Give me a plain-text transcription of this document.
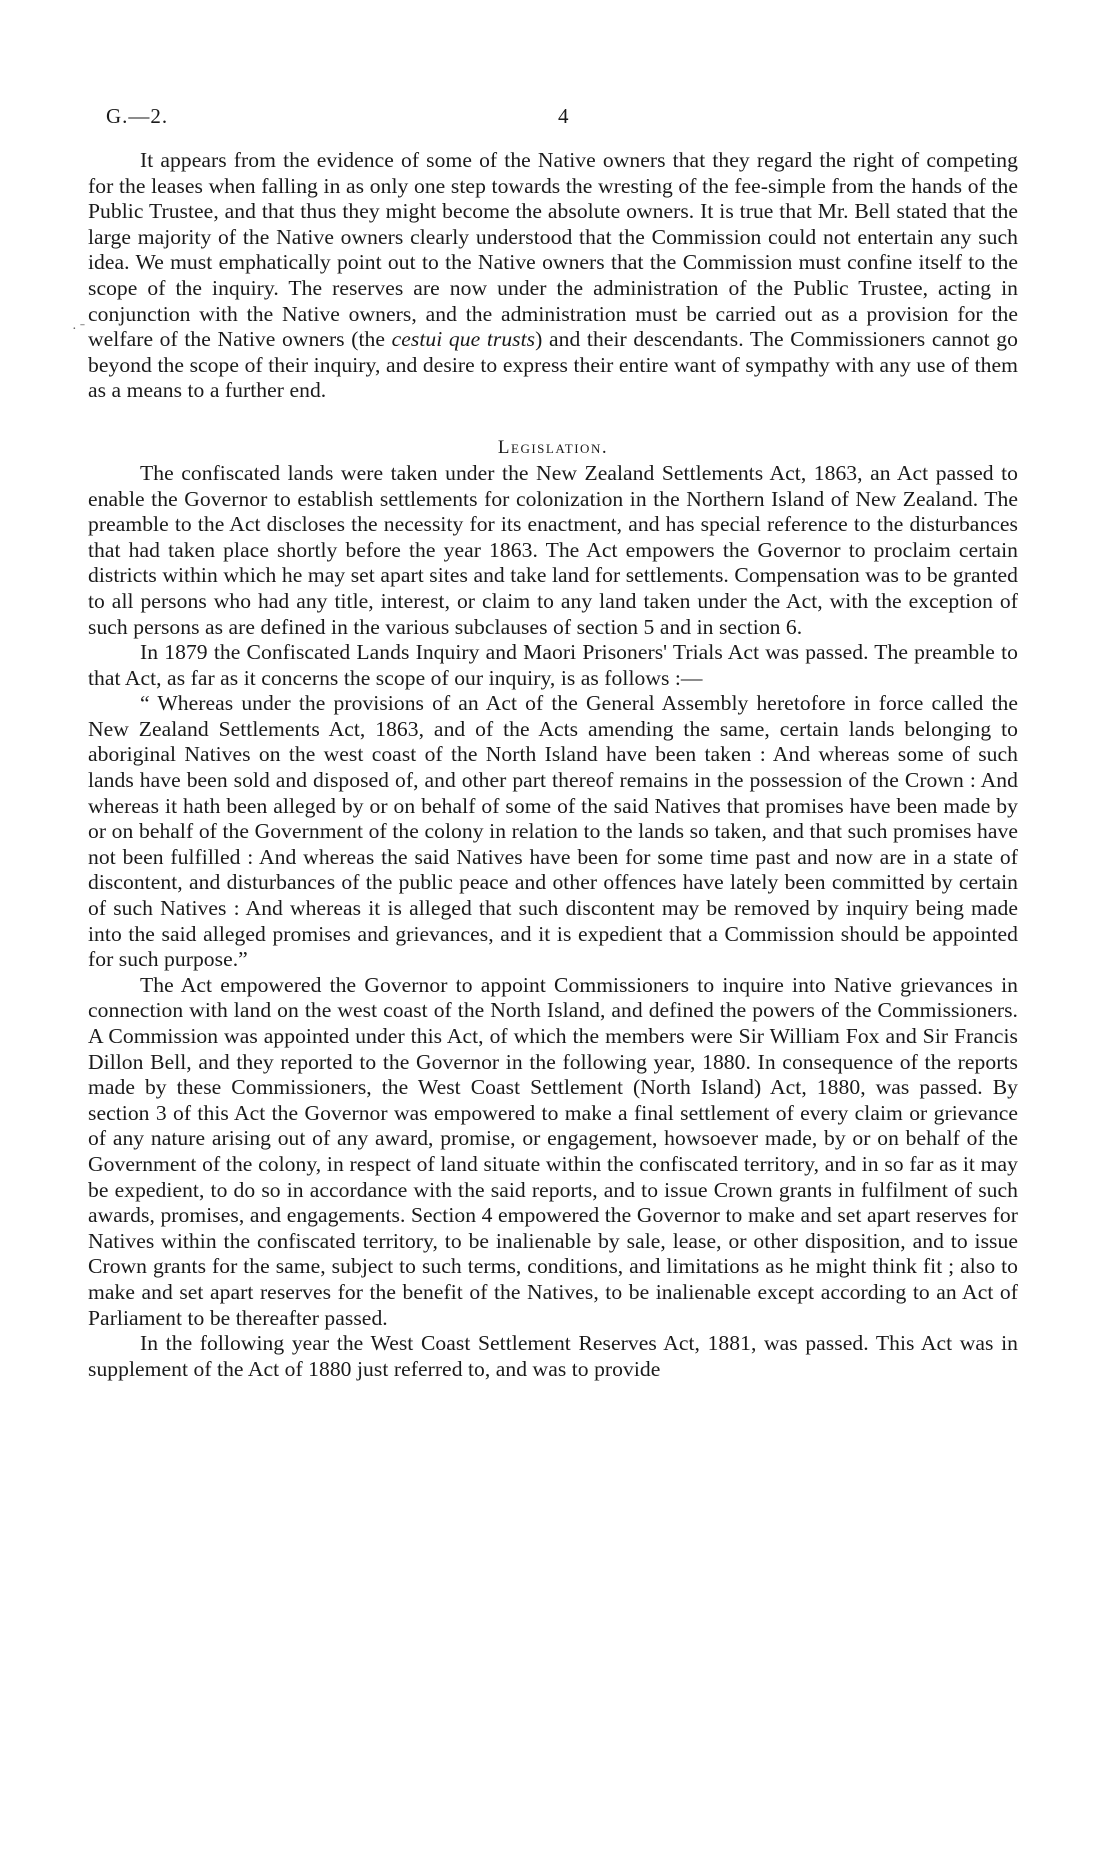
· ˉ
G.—2.	4

It appears from the evidence of some of the Native owners that they regard the right of competing for the leases when falling in as only one step towards the wresting of the fee-simple from the hands of the Public Trustee, and that thus they might become the absolute owners. It is true that Mr. Bell stated that the large majority of the Native owners clearly understood that the Commission could not entertain any such idea. We must emphatically point out to the Native owners that the Commission must confine itself to the scope of the inquiry. The reserves are now under the administration of the Public Trustee, acting in conjunction with the Native owners, and the administration must be carried out as a provision for the welfare of the Native owners (the cestui que trusts) and their descendants. The Commissioners cannot go beyond the scope of their inquiry, and desire to express their entire want of sympathy with any use of them as a means to a further end.

Legislation.

The confiscated lands were taken under the New Zealand Settlements Act, 1863, an Act passed to enable the Governor to establish settlements for colonization in the Northern Island of New Zealand. The preamble to the Act discloses the necessity for its enactment, and has special reference to the disturbances that had taken place shortly before the year 1863. The Act empowers the Governor to proclaim certain districts within which he may set apart sites and take land for settlements. Compensation was to be granted to all persons who had any title, interest, or claim to any land taken under the Act, with the exception of such persons as are defined in the various subclauses of section 5 and in section 6.

In 1879 the Confiscated Lands Inquiry and Maori Prisoners' Trials Act was passed. The preamble to that Act, as far as it concerns the scope of our inquiry, is as follows :—

“ Whereas under the provisions of an Act of the General Assembly heretofore in force called the New Zealand Settlements Act, 1863, and of the Acts amending the same, certain lands belonging to aboriginal Natives on the west coast of the North Island have been taken : And whereas some of such lands have been sold and disposed of, and other part thereof remains in the possession of the Crown : And whereas it hath been alleged by or on behalf of some of the said Natives that promises have been made by or on behalf of the Government of the colony in relation to the lands so taken, and that such promises have not been fulfilled : And whereas the said Natives have been for some time past and now are in a state of discontent, and disturbances of the public peace and other offences have lately been committed by certain of such Natives : And whereas it is alleged that such discontent may be removed by inquiry being made into the said alleged promises and grievances, and it is expedient that a Commission should be appointed for such purpose.”

The Act empowered the Governor to appoint Commissioners to inquire into Native grievances in connection with land on the west coast of the North Island, and defined the powers of the Commissioners. A Commission was appointed under this Act, of which the members were Sir William Fox and Sir Francis Dillon Bell, and they reported to the Governor in the following year, 1880. In consequence of the reports made by these Commissioners, the West Coast Settlement (North Island) Act, 1880, was passed. By section 3 of this Act the Governor was empowered to make a final settlement of every claim or grievance of any nature arising out of any award, promise, or engagement, howsoever made, by or on behalf of the Government of the colony, in respect of land situate within the confiscated territory, and in so far as it may be expedient, to do so in accordance with the said reports, and to issue Crown grants in fulfilment of such awards, promises, and engagements. Section 4 empowered the Governor to make and set apart reserves for Natives within the confiscated territory, to be inalienable by sale, lease, or other disposition, and to issue Crown grants for the same, subject to such terms, conditions, and limitations as he might think fit ; also to make and set apart reserves for the benefit of the Natives, to be inalienable except according to an Act of Parliament to be thereafter passed.

In the following year the West Coast Settlement Reserves Act, 1881, was passed. This Act was in supplement of the Act of 1880 just referred to, and was to provide
